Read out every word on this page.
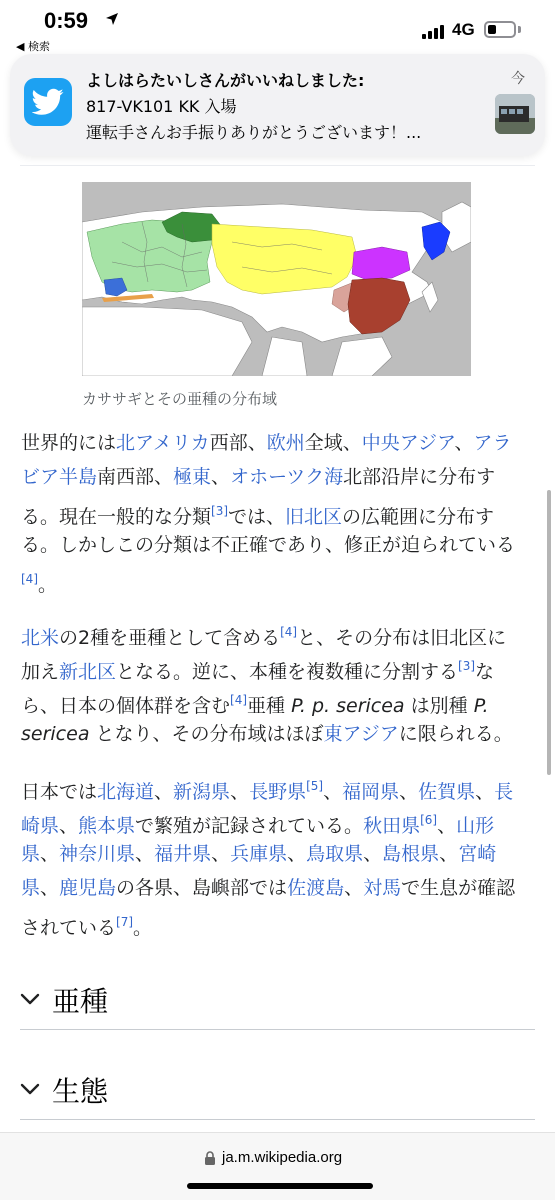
0:59
◀ 検索
4G
よしはらたいしさんがいいねしました:
817-VK101 KK 入場
運転手さんお手振りありがとうございます！...
今
カササギとその亜種の分布域
世界的には北アメリカ西部、欧州全域、中央アジア、アラ
ビア半島南西部、極東、オホーツク海北部沿岸に分布す
る。現在一般的な分類[3]では、旧北区の広範囲に分布す
る。しかしこの分類は不正確であり、修正が迫られている
[4]。
北米の2種を亜種として含める[4]と、その分布は旧北区に
加え新北区となる。逆に、本種を複数種に分割する[3]な
ら、日本の個体群を含む[4]亜種 P. p. sericea は別種 P.
sericea となり、その分布域はほぼ東アジアに限られる。
日本では北海道、新潟県、長野県[5]、福岡県、佐賀県、長
崎県、熊本県で繁殖が記録されている。秋田県[6]、山形
県、神奈川県、福井県、兵庫県、鳥取県、島根県、宮崎
県、鹿児島の各県、島嶼部では佐渡島、対馬で生息が確認
されている[7]。
亜種
生態
ja.m.wikipedia.org
